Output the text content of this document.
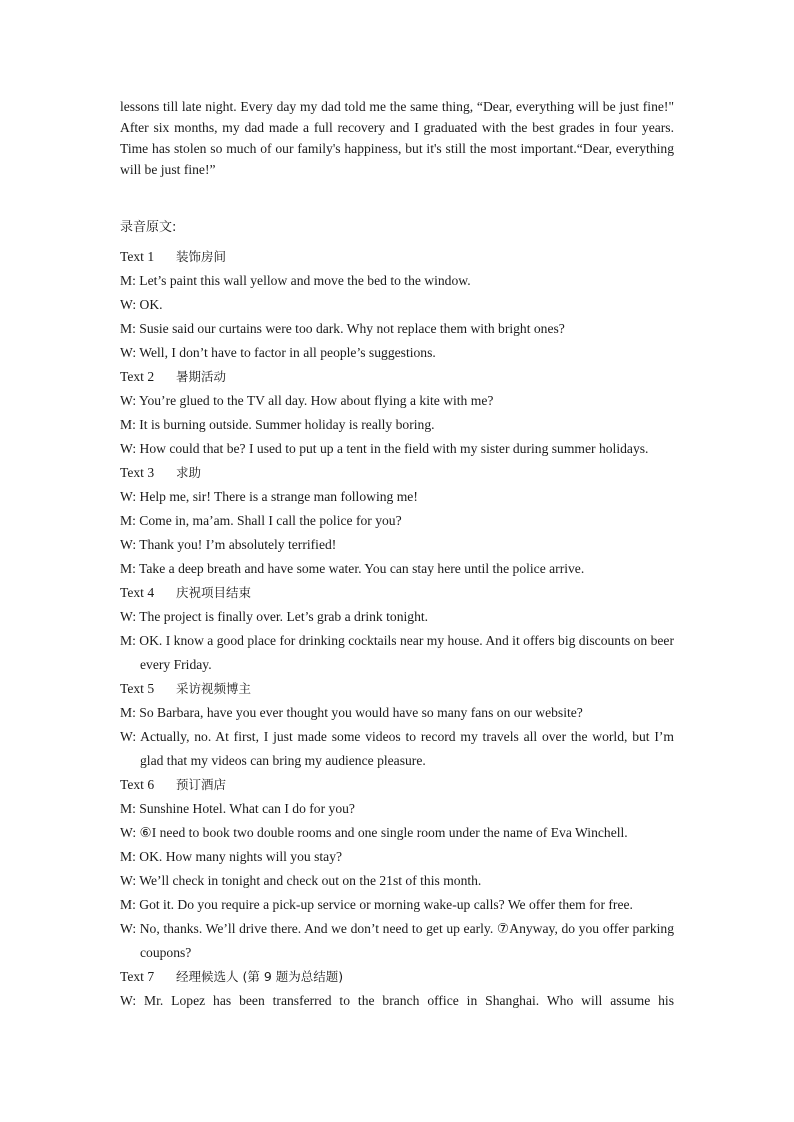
lessons till late night. Every day my dad told me the same thing, “Dear, everything will be just fine!" After six months, my dad made a full recovery and I graduated with the best grades in four years. Time has stolen so much of our family's happiness, but it's still the most important.“Dear, everything will be just fine!”
录音原文:
Text 1 装饰房间
M: Let’s paint this wall yellow and move the bed to the window.
W: OK.
M: Susie said our curtains were too dark. Why not replace them with bright ones?
W: Well, I don’t have to factor in all people’s suggestions.
Text 2 暑期活动
W: You’re glued to the TV all day. How about flying a kite with me?
M: It is burning outside. Summer holiday is really boring.
W: How could that be? I used to put up a tent in the field with my sister during summer holidays.
Text 3 求助
W: Help me, sir! There is a strange man following me!
M: Come in, ma’am. Shall I call the police for you?
W: Thank you! I’m absolutely terrified!
M: Take a deep breath and have some water. You can stay here until the police arrive.
Text 4 庆祝项目结束
W: The project is finally over. Let’s grab a drink tonight.
M: OK. I know a good place for drinking cocktails near my house. And it offers big discounts on beer every Friday.
Text 5 采访视频博主
M: So Barbara, have you ever thought you would have so many fans on our website?
W: Actually, no. At first, I just made some videos to record my travels all over the world, but I’m glad that my videos can bring my audience pleasure.
Text 6 预订酒店
M: Sunshine Hotel. What can I do for you?
W: ⑥I need to book two double rooms and one single room under the name of Eva Winchell.
M: OK. How many nights will you stay?
W: We’ll check in tonight and check out on the 21st of this month.
M: Got it. Do you require a pick-up service or morning wake-up calls? We offer them for free.
W: No, thanks. We’ll drive there. And we don’t need to get up early. ⑦Anyway, do you offer parking coupons?
Text 7 经理候选人 (第 9 题为总结题)
W: Mr. Lopez has been transferred to the branch office in Shanghai. Who will assume his
